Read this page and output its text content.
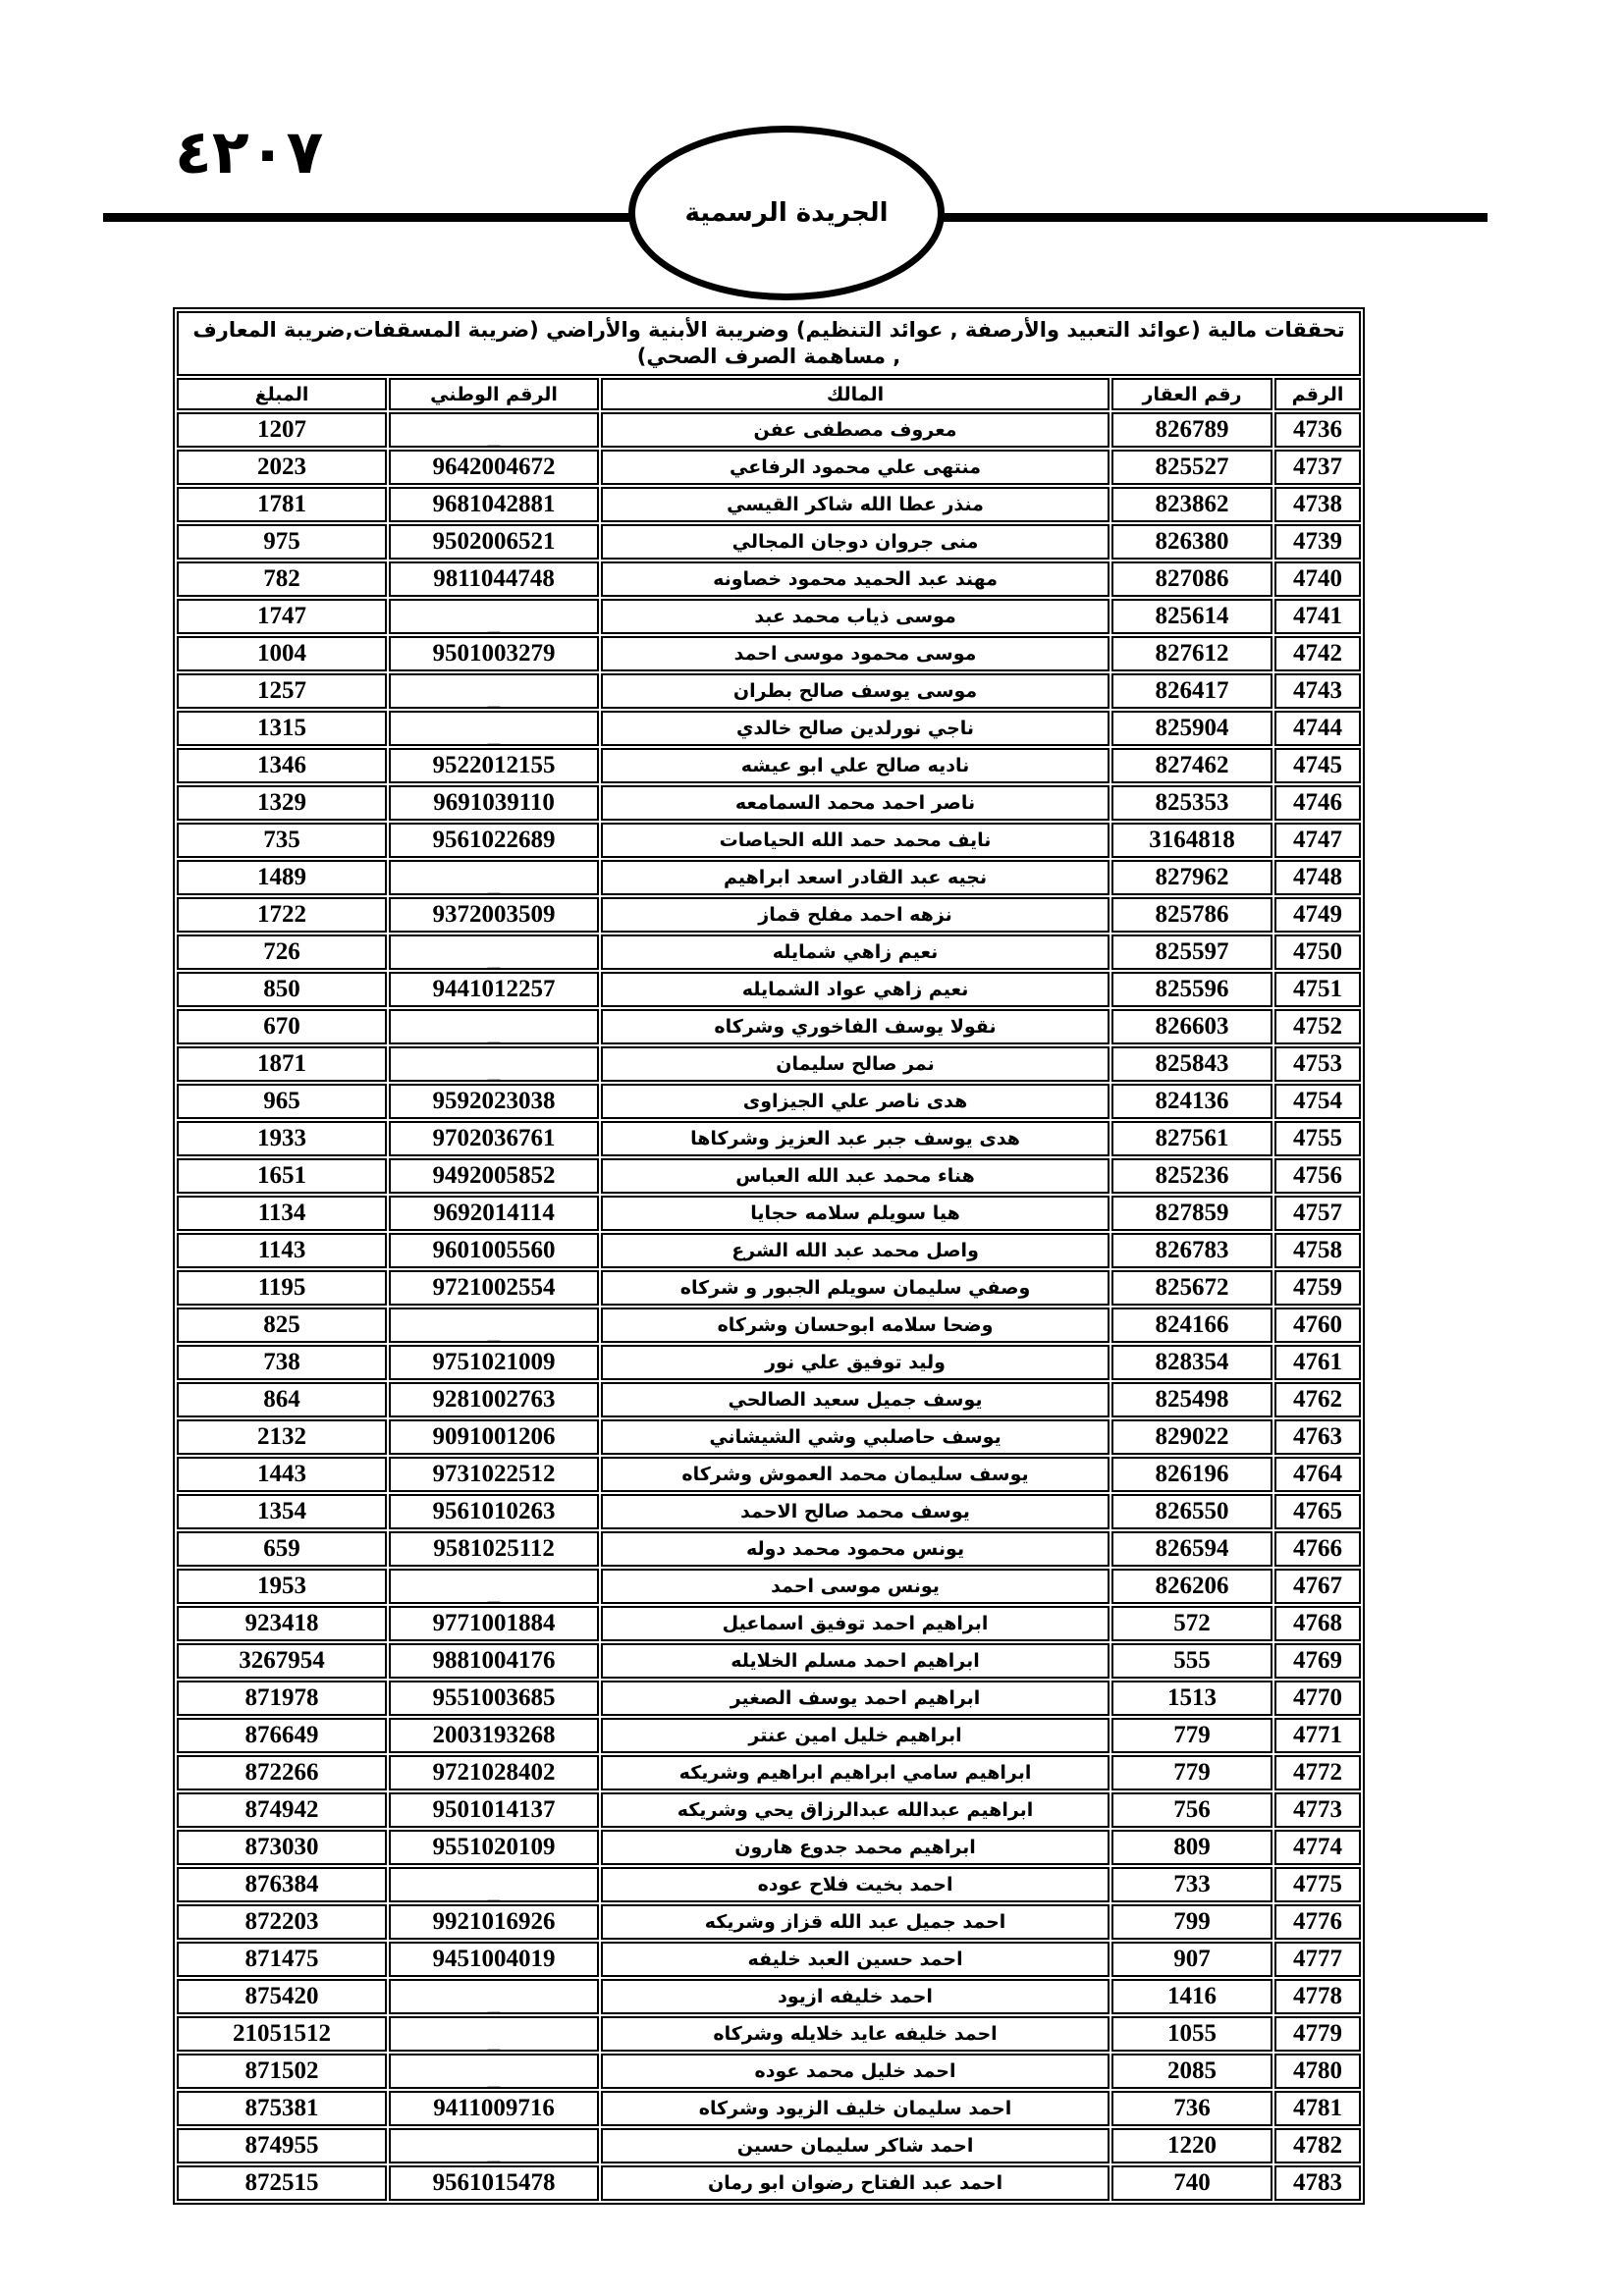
٤٢٠٧
الجريدة الرسمية
تحققات مالية (عوائد التعبيد والأرصفة , عوائد التنظيم) وضريبة الأبنية والأراضي (ضريبة المسقفات,ضريبة المعارف , مساهمة الصرف الصحي)				
الرقم	رقم العقار	المالك	الرقم الوطني	المبلغ
4736	826789	معروف مصطفى عفن	_	1207
4737	825527	منتهى علي محمود الرفاعي	9642004672	2023
4738	823862	منذر عطا الله شاكر القيسي	9681042881	1781
4739	826380	منى جروان دوجان المجالي	9502006521	975
4740	827086	مهند عبد الحميد محمود خصاونه	9811044748	782
4741	825614	موسى ذياب محمد عبد	_	1747
4742	827612	موسى محمود موسى احمد	9501003279	1004
4743	826417	موسى يوسف صالح بطران	_	1257
4744	825904	ناجي نورلدين صالح خالدي	_	1315
4745	827462	ناديه صالح علي ابو عيشه	9522012155	1346
4746	825353	ناصر احمد محمد السمامعه	9691039110	1329
4747	3164818	نايف محمد حمد الله الحياصات	9561022689	735
4748	827962	نجيه عبد القادر اسعد ابراهيم	_	1489
4749	825786	نزهه احمد مفلح قماز	9372003509	1722
4750	825597	نعيم زاهي شمايله	_	726
4751	825596	نعيم زاهي عواد الشمايله	9441012257	850
4752	826603	نقولا يوسف الفاخوري وشركاه	_	670
4753	825843	نمر صالح سليمان	_	1871
4754	824136	هدى ناصر علي الجيزاوى	9592023038	965
4755	827561	هدى يوسف جبر عبد العزيز وشركاها	9702036761	1933
4756	825236	هناء محمد عبد الله العباس	9492005852	1651
4757	827859	هيا سويلم سلامه حجايا	9692014114	1134
4758	826783	واصل محمد عبد الله الشرع	9601005560	1143
4759	825672	وصفي سليمان سويلم الجبور و شركاه	9721002554	1195
4760	824166	وضحا سلامه ابوحسان وشركاه	_	825
4761	828354	وليد توفيق علي نور	9751021009	738
4762	825498	يوسف جميل سعيد الصالحي	9281002763	864
4763	829022	يوسف حاصلبي وشي الشيشاني	9091001206	2132
4764	826196	يوسف سليمان محمد العموش وشركاه	9731022512	1443
4765	826550	يوسف محمد صالح الاحمد	9561010263	1354
4766	826594	يونس محمود محمد دوله	9581025112	659
4767	826206	يونس موسى احمد	_	1953
4768	572	ابراهيم احمد توفيق اسماعيل	9771001884	923418
4769	555	ابراهيم احمد مسلم الخلايله	9881004176	3267954
4770	1513	ابراهيم احمد يوسف الصغير	9551003685	871978
4771	779	ابراهيم خليل امين عنتر	2003193268	876649
4772	779	ابراهيم سامي ابراهيم ابراهيم وشريكه	9721028402	872266
4773	756	ابراهيم عبدالله عبدالرزاق يحي وشريكه	9501014137	874942
4774	809	ابراهيم محمد جدوع هارون	9551020109	873030
4775	733	احمد بخيت فلاح عوده	_	876384
4776	799	احمد جميل عبد الله قزاز وشريكه	9921016926	872203
4777	907	احمد حسين العبد خليفه	9451004019	871475
4778	1416	احمد خليفه ازيود	_	875420
4779	1055	احمد خليفه عايد خلايله وشركاه	_	21051512
4780	2085	احمد خليل محمد عوده	_	871502
4781	736	احمد سليمان خليف الزيود وشركاه	9411009716	875381
4782	1220	احمد شاكر سليمان حسين	_	874955
4783	740	احمد عبد الفتاح رضوان ابو رمان	9561015478	872515
